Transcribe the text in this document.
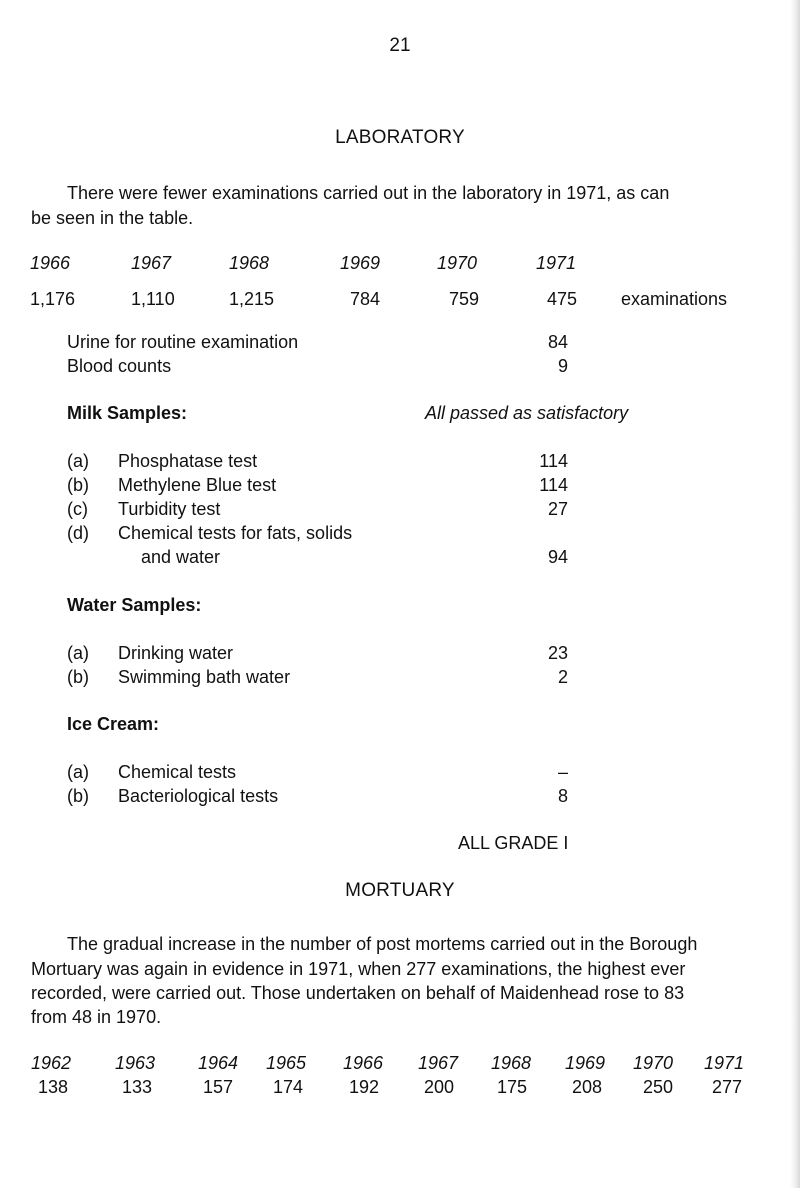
21
LABORATORY
There were fewer examinations carried out in the laboratory in 1971, as can
be seen in the table.
1966	1967	1968	1969	1970	1971
1,176	1,110	1,215	784	759	475 examinations
Urine for routine examination	84
Blood counts	9
Milk Samples:	All passed as satisfactory
(a) Phosphatase test	114
(b) Methylene Blue test	114
(c) Turbidity test	27
(d) Chemical tests for fats, solids
and water	94
Water Samples:
(a) Drinking water	23
(b) Swimming bath water	2
Ice Cream:
(a) Chemical tests	–
(b) Bacteriological tests	8
ALL GRADE I
MORTUARY
The gradual increase in the number of post mortems carried out in the Borough
Mortuary was again in evidence in 1971, when 277 examinations, the highest ever
recorded, were carried out. Those undertaken on behalf of Maidenhead rose to 83
from 48 in 1970.
1962 1963 1964 1965 1966 1967 1968 1969 1970 1971
138	133	157 174	192 200 175 208 250 277
